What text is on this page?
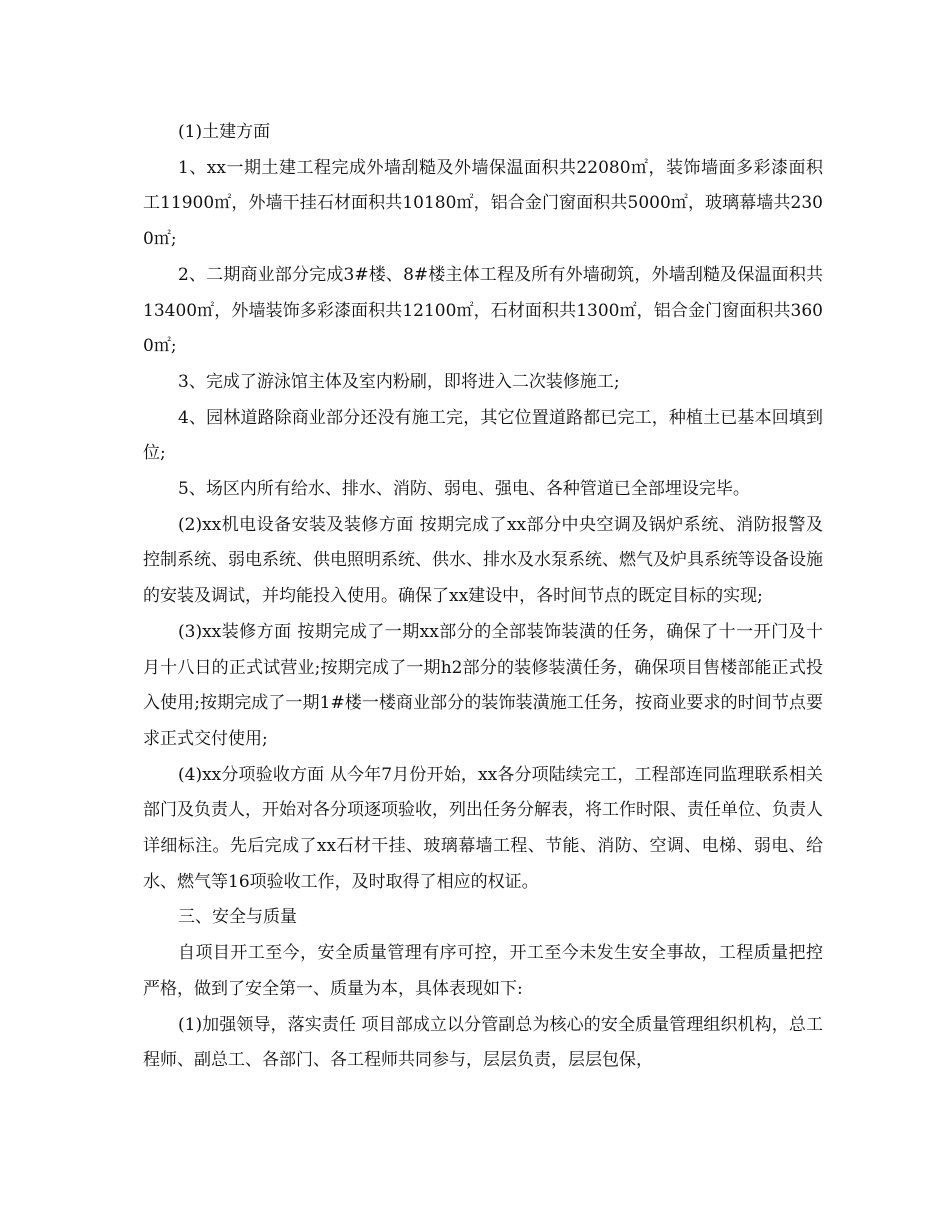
(1)土建方面

1、xx一期土建工程完成外墙刮糙及外墙保温面积共22080㎡，装饰墙面多彩漆面积工11900㎡，外墙干挂石材面积共10180㎡，铝合金门窗面积共5000㎡，玻璃幕墙共2300㎡;

2、二期商业部分完成3#楼、8#楼主体工程及所有外墙砌筑，外墙刮糙及保温面积共13400㎡，外墙装饰多彩漆面积共12100㎡，石材面积共1300㎡，铝合金门窗面积共3600㎡;

3、完成了游泳馆主体及室内粉刷，即将进入二次装修施工;

4、园林道路除商业部分还没有施工完，其它位置道路都已完工，种植土已基本回填到位;

5、场区内所有给水、排水、消防、弱电、强电、各种管道已全部埋设完毕。

(2)xx机电设备安装及装修方面 按期完成了xx部分中央空调及锅炉系统、消防报警及控制系统、弱电系统、供电照明系统、供水、排水及水泵系统、燃气及炉具系统等设备设施的安装及调试，并均能投入使用。确保了xx建设中，各时间节点的既定目标的实现;

(3)xx装修方面 按期完成了一期xx部分的全部装饰装潢的任务，确保了十一开门及十月十八日的正式试营业;按期完成了一期h2部分的装修装潢任务，确保项目售楼部能正式投入使用;按期完成了一期1#楼一楼商业部分的装饰装潢施工任务，按商业要求的时间节点要求正式交付使用;

(4)xx分项验收方面 从今年7月份开始，xx各分项陆续完工，工程部连同监理联系相关部门及负责人，开始对各分项逐项验收，列出任务分解表，将工作时限、责任单位、负责人详细标注。先后完成了xx石材干挂、玻璃幕墙工程、节能、消防、空调、电梯、弱电、给水、燃气等16项验收工作，及时取得了相应的权证。

三、安全与质量

自项目开工至今，安全质量管理有序可控，开工至今未发生安全事故，工程质量把控严格，做到了安全第一、质量为本，具体表现如下:

(1)加强领导，落实责任 项目部成立以分管副总为核心的安全质量管理组织机构，总工程师、副总工、各部门、各工程师共同参与，层层负责，层层包保，
